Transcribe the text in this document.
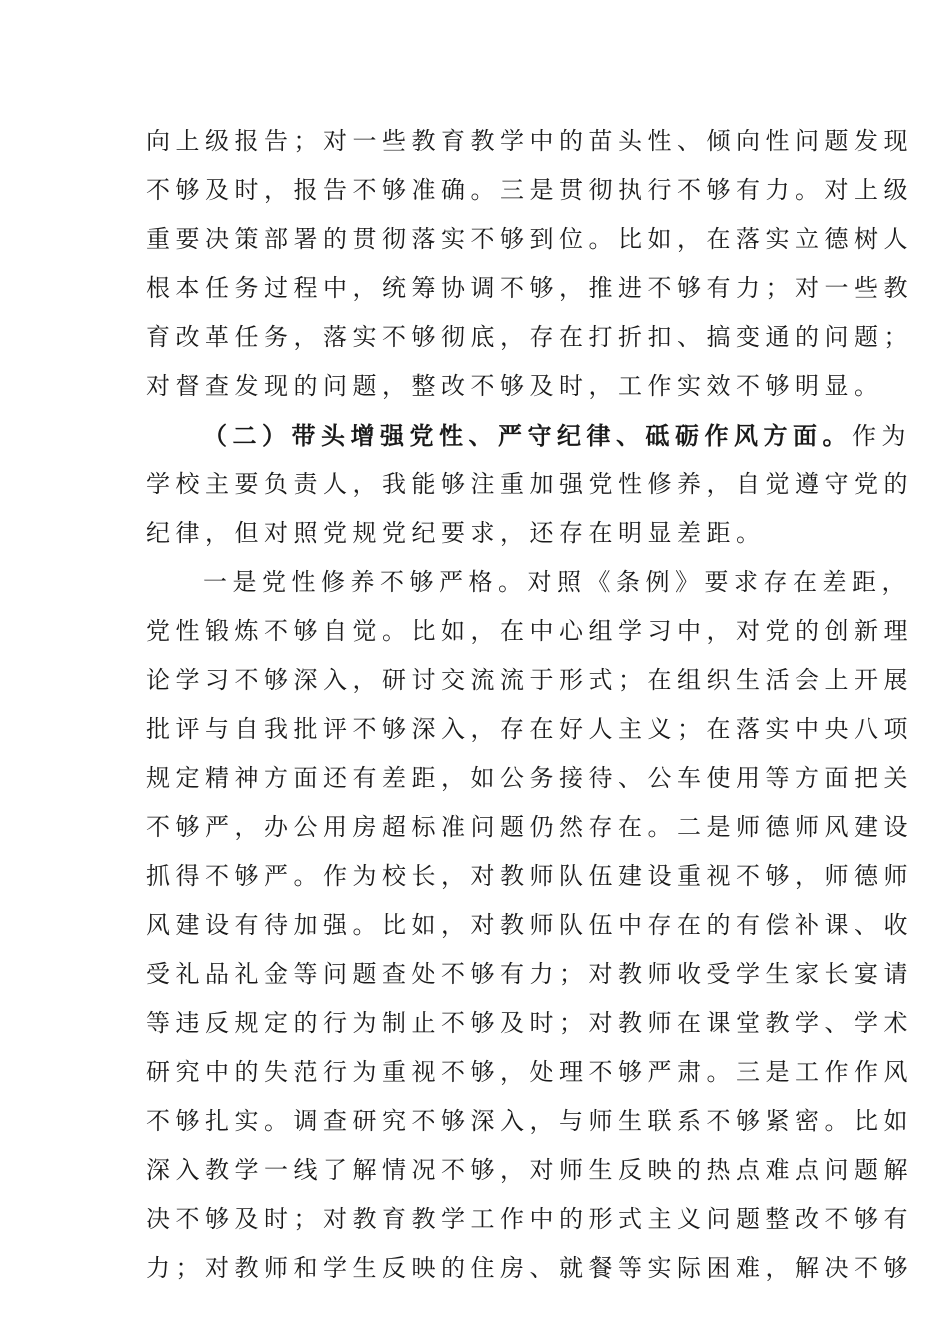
向上级报告；对一些教育教学中的苗头性、倾向性问题发现
不够及时，报告不够准确。三是贯彻执行不够有力。对上级
重要决策部署的贯彻落实不够到位。比如，在落实立德树人
根本任务过程中，统筹协调不够，推进不够有力；对一些教
育改革任务，落实不够彻底，存在打折扣、搞变通的问题；
对督查发现的问题，整改不够及时，工作实效不够明显。
（二）带头增强党性、严守纪律、砥砺作风方面。作为
学校主要负责人，我能够注重加强党性修养，自觉遵守党的
纪律，但对照党规党纪要求，还存在明显差距。
一是党性修养不够严格。对照《条例》要求存在差距，
党性锻炼不够自觉。比如，在中心组学习中，对党的创新理
论学习不够深入，研讨交流流于形式；在组织生活会上开展
批评与自我批评不够深入，存在好人主义；在落实中央八项
规定精神方面还有差距，如公务接待、公车使用等方面把关
不够严，办公用房超标准问题仍然存在。二是师德师风建设
抓得不够严。作为校长，对教师队伍建设重视不够，师德师
风建设有待加强。比如，对教师队伍中存在的有偿补课、收
受礼品礼金等问题查处不够有力；对教师收受学生家长宴请
等违反规定的行为制止不够及时；对教师在课堂教学、学术
研究中的失范行为重视不够，处理不够严肃。三是工作作风
不够扎实。调查研究不够深入，与师生联系不够紧密。比如
深入教学一线了解情况不够，对师生反映的热点难点问题解
决不够及时；对教育教学工作中的形式主义问题整改不够有
力；对教师和学生反映的住房、就餐等实际困难，解决不够
